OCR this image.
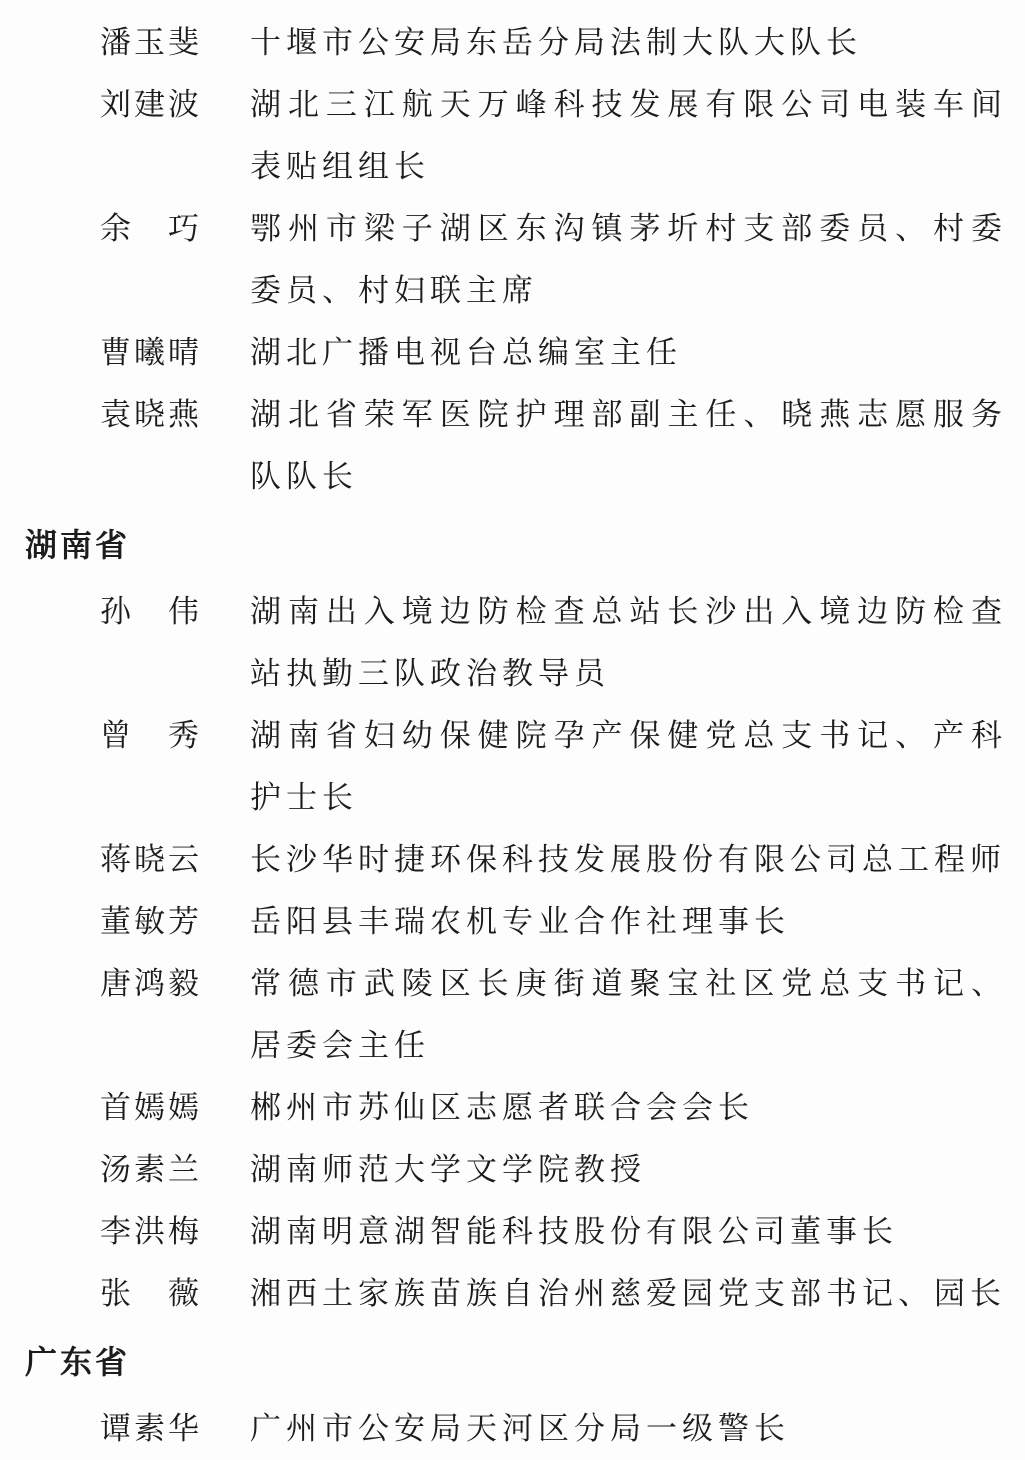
潘玉斐	十堰市公安局东岳分局法制大队大队长
刘建波	湖北三江航天万峰科技发展有限公司电装车间
表贴组组长
余　巧	鄂州市梁子湖区东沟镇茅圻村支部委员、村委
委员、村妇联主席
曹曦晴	湖北广播电视台总编室主任
袁晓燕	湖北省荣军医院护理部副主任、晓燕志愿服务
队队长
湖南省
孙　伟	湖南出入境边防检查总站长沙出入境边防检查
站执勤三队政治教导员
曾　秀	湖南省妇幼保健院孕产保健党总支书记、产科
护士长
蒋晓云	长沙华时捷环保科技发展股份有限公司总工程师
董敏芳	岳阳县丰瑞农机专业合作社理事长
唐鸿毅	常德市武陵区长庚街道聚宝社区党总支书记、
居委会主任
首嫣嫣	郴州市苏仙区志愿者联合会会长
汤素兰	湖南师范大学文学院教授
李洪梅	湖南明意湖智能科技股份有限公司董事长
张　薇	湘西土家族苗族自治州慈爱园党支部书记、园长
广东省
谭素华	广州市公安局天河区分局一级警长
